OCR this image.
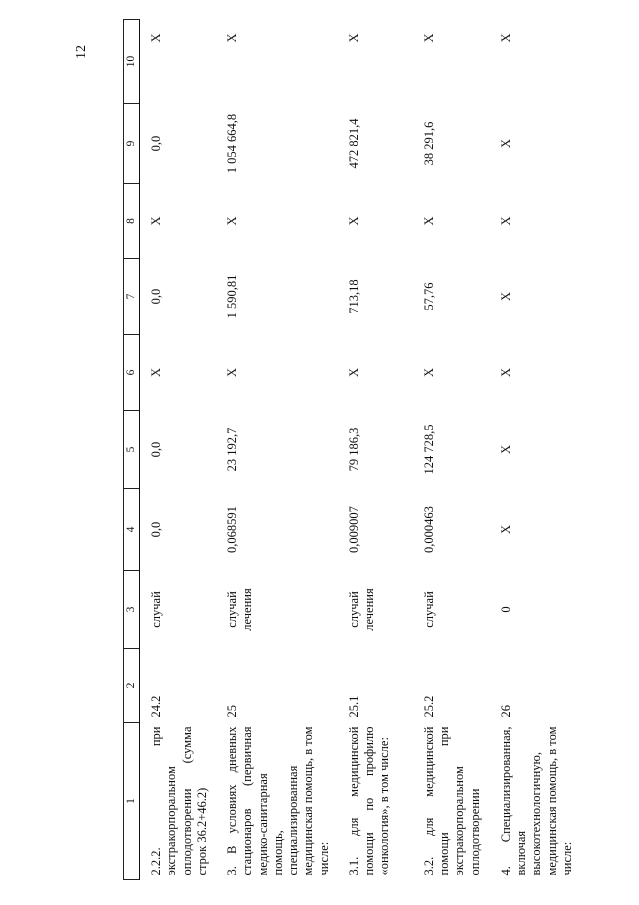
12
1	2	3	4	5	6	7	8	9	10
2.2.2. при экстракорпоральном оплодотворении (сумма строк 36.2+46.2)	24.2	случай	0,0	0,0	Х	0,0	Х	0,0	Х
3. В условиях дневных стационаров (первичная медико-санитарная помощь, специализированная медицинская помощь, в том числе:	25	случай лечения	0,068591	23 192,7	Х	1 590,81	Х	1 054 664,8	Х
3.1. для медицинской помощи по профилю «онкология», в том числе:	25.1	случай лечения	0,009007	79 186,3	Х	713,18	Х	472 821,4	Х
3.2. для медицинской помощи при экстракорпоральном оплодотворении	25.2	случай	0,000463	124 728,5	Х	57,76	Х	38 291,6	Х
4. Специализированная, включая высокотехнологичную, медицинская помощь, в том числе:	26	0	Х	Х	Х	Х	Х	Х	Х
